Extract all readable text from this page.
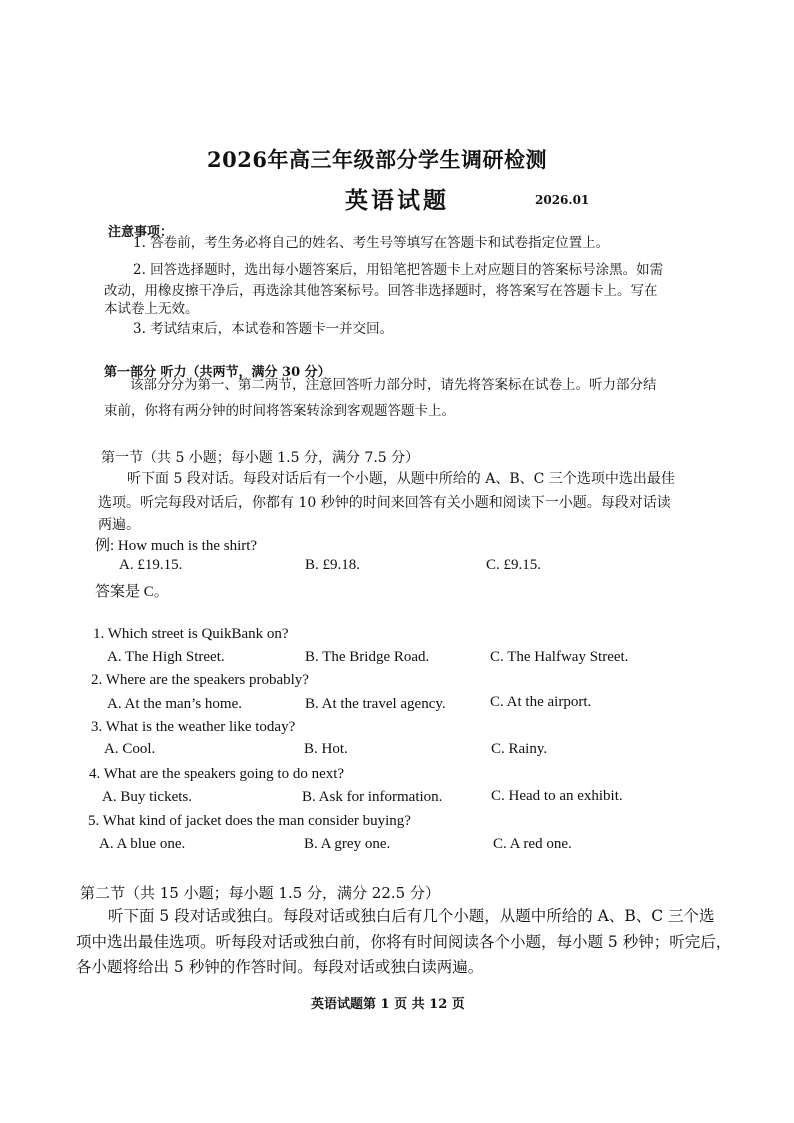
2026年高三年级部分学生调研检测
英语试题	2026.01
注意事项：
1. 答卷前，考生务必将自己的姓名、考生号等填写在答题卡和试卷指定位置上。
2. 回答选择题时，选出每小题答案后，用铅笔把答题卡上对应题目的答案标号涂黑。如需
改动，用橡皮擦干净后，再选涂其他答案标号。回答非选择题时，将答案写在答题卡上。写在
本试卷上无效。
3. 考试结束后，本试卷和答题卡一并交回。
第一部分 听力（共两节，满分 30 分）
该部分分为第一、第二两节，注意回答听力部分时，请先将答案标在试卷上。听力部分结
束前，你将有两分钟的时间将答案转涂到客观题答题卡上。
第一节（共 5 小题；每小题 1.5 分，满分 7.5 分）
听下面 5 段对话。每段对话后有一个小题，从题中所给的 A、B、C 三个选项中选出最佳
选项。听完每段对话后，你都有 10 秒钟的时间来回答有关小题和阅读下一小题。每段对话读
两遍。
例: How much is the shirt?
A. £19.15.	B. £9.18.	C. £9.15.
答案是 C。
1. Which street is QuikBank on?
A. The High Street.	B. The Bridge Road.	C. The Halfway Street.
2. Where are the speakers probably?
A. At the man’s home.	B. At the travel agency.	C. At the airport.
3. What is the weather like today?
A. Cool.	B. Hot.	C. Rainy.
4. What are the speakers going to do next?
A. Buy tickets.	B. Ask for information.	C. Head to an exhibit.
5. What kind of jacket does the man consider buying?
A. A blue one.	B. A grey one.	C. A red one.
第二节（共 15 小题；每小题 1.5 分，满分 22.5 分）
听下面 5 段对话或独白。每段对话或独白后有几个小题，从题中所给的 A、B、C 三个选
项中选出最佳选项。听每段对话或独白前，你将有时间阅读各个小题，每小题 5 秒钟；听完后，
各小题将给出 5 秒钟的作答时间。每段对话或独白读两遍。
英语试题第 1 页 共 12 页
